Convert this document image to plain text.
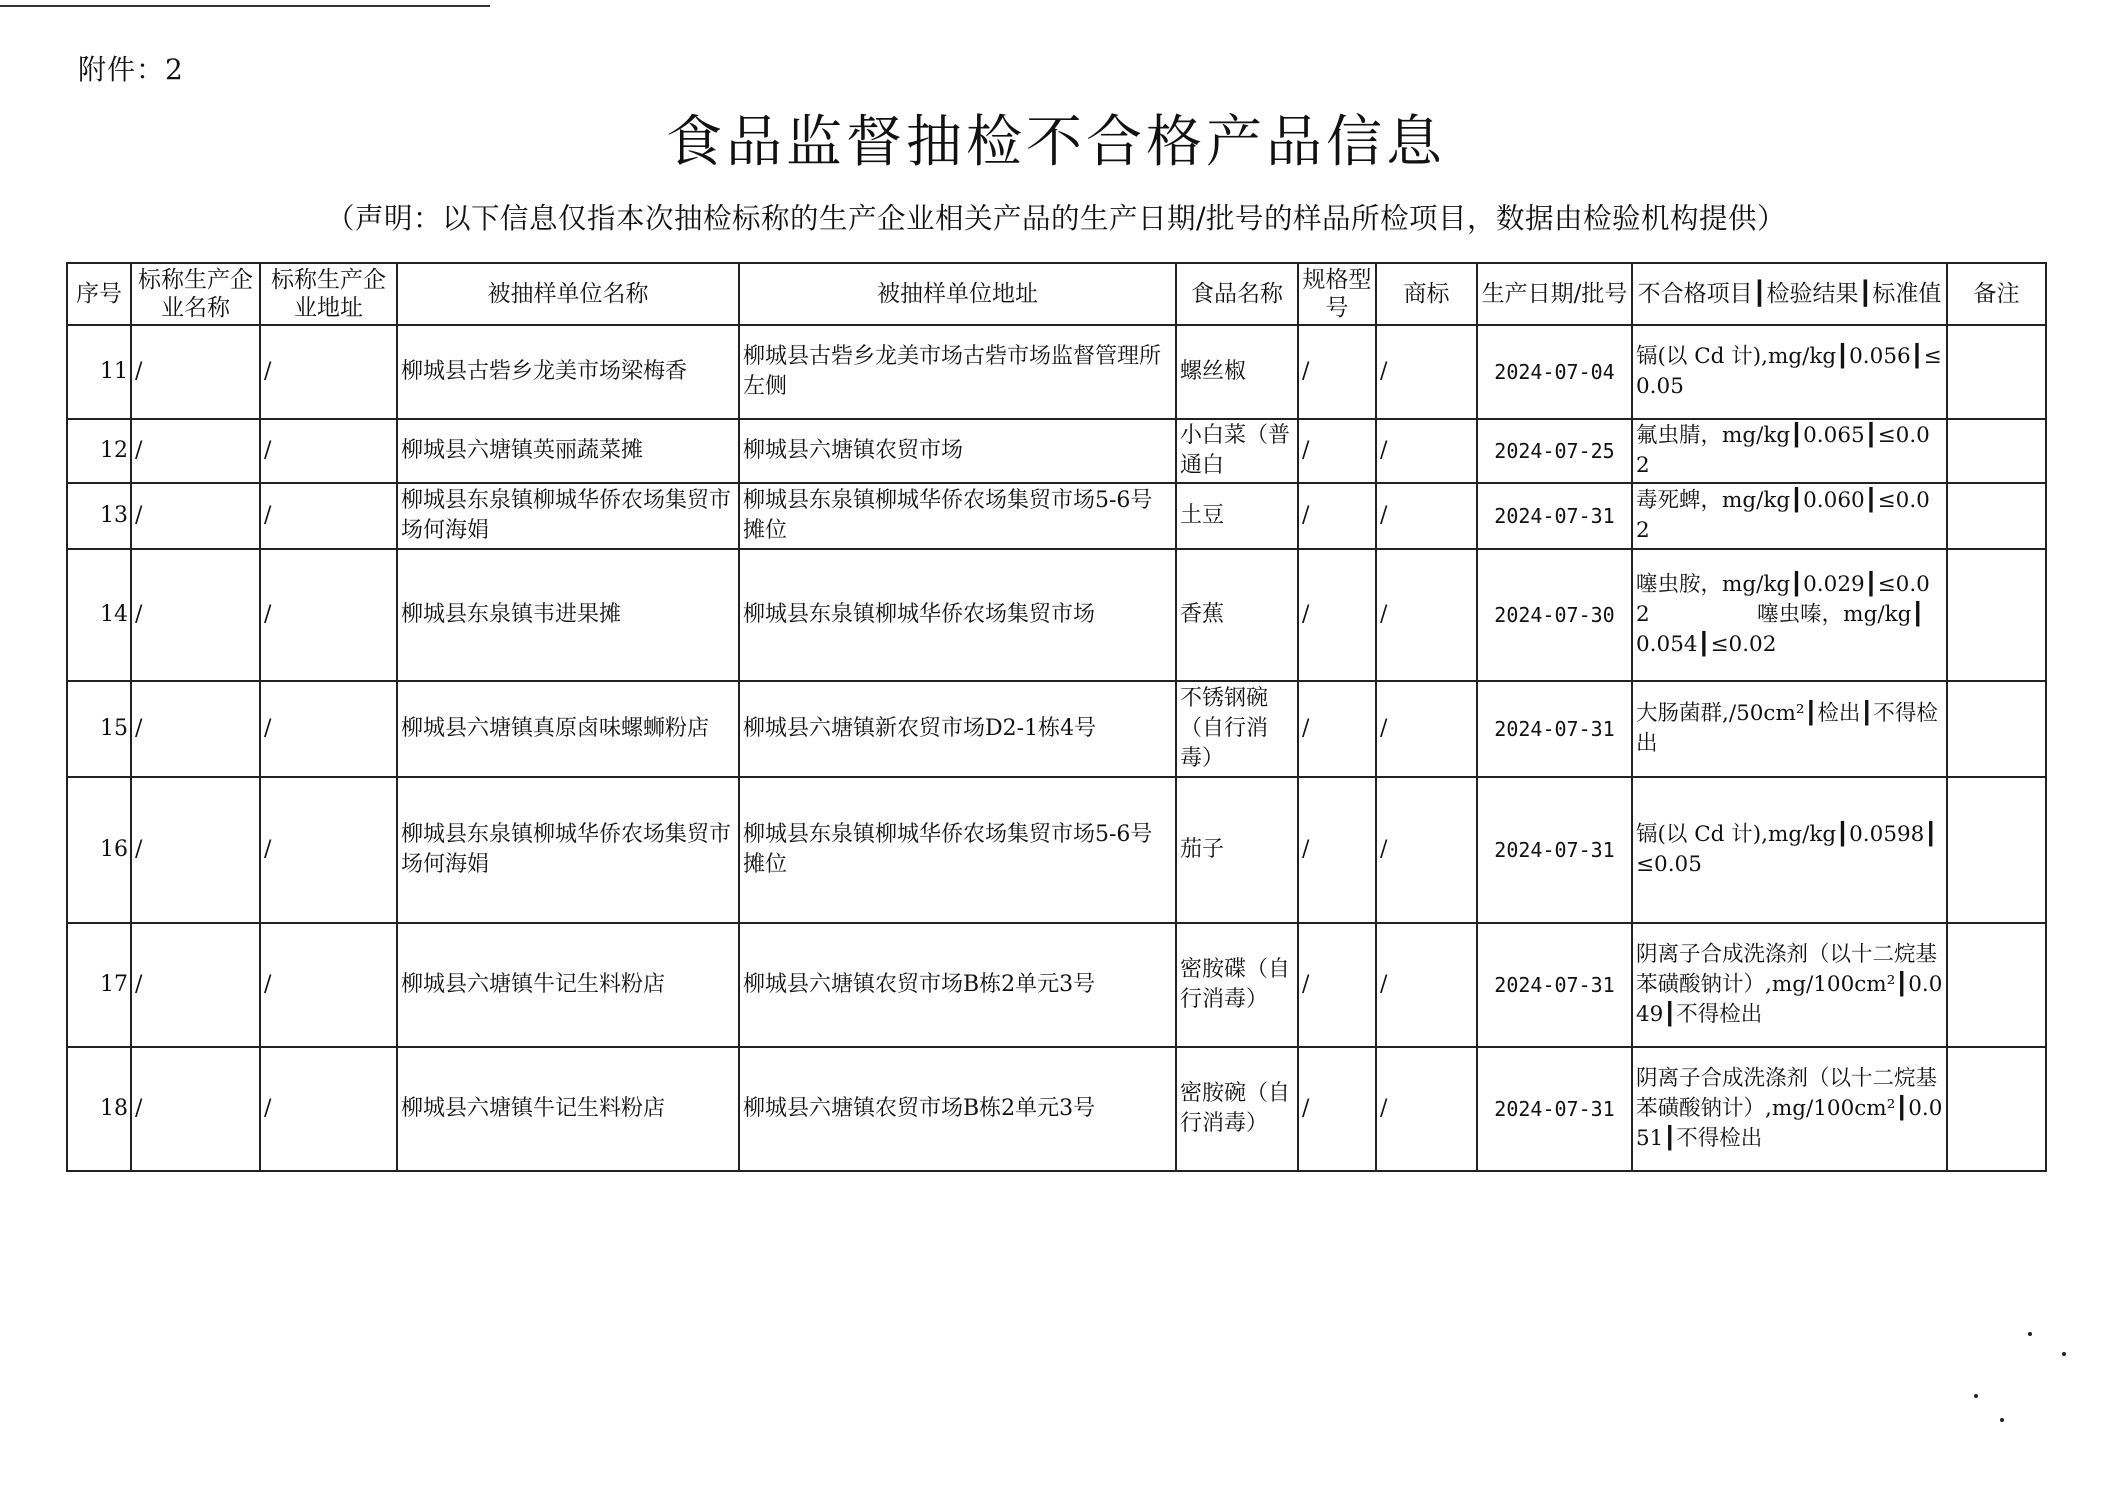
附件：2
食品监督抽检不合格产品信息
（声明：以下信息仅指本次抽检标称的生产企业相关产品的生产日期/批号的样品所检项目，数据由检验机构提供）
序号	标称生产企业名称	标称生产企业地址	被抽样单位名称	被抽样单位地址	食品名称	规格型号	商标	生产日期/批号	不合格项目┃检验结果┃标准值	备注
11	/	/	柳城县古砦乡龙美市场梁梅香	柳城县古砦乡龙美市场古砦市场监督管理所左侧	螺丝椒	/	/	2024-07-04	镉(以 Cd 计),mg/kg┃0.056┃≤0.05	
12	/	/	柳城县六塘镇英丽蔬菜摊	柳城县六塘镇农贸市场	小白菜（普通白	/	/	2024-07-25	氟虫腈，mg/kg┃0.065┃≤0.02	
13	/	/	柳城县东泉镇柳城华侨农场集贸市场何海娟	柳城县东泉镇柳城华侨农场集贸市场5-6号摊位	土豆	/	/	2024-07-31	毒死蜱，mg/kg┃0.060┃≤0.02	
14	/	/	柳城县东泉镇韦进果摊	柳城县东泉镇柳城华侨农场集贸市场	香蕉	/	/	2024-07-30	噻虫胺，mg/kg┃0.029┃≤0.02　　　　　噻虫嗪，mg/kg┃0.054┃≤0.02	
15	/	/	柳城县六塘镇真原卤味螺蛳粉店	柳城县六塘镇新农贸市场D2-1栋4号	不锈钢碗（自行消毒）	/	/	2024-07-31	大肠菌群,/50cm²┃检出┃不得检出	
16	/	/	柳城县东泉镇柳城华侨农场集贸市场何海娟	柳城县东泉镇柳城华侨农场集贸市场5-6号摊位	茄子	/	/	2024-07-31	镉(以 Cd 计),mg/kg┃0.0598┃≤0.05	
17	/	/	柳城县六塘镇牛记生料粉店	柳城县六塘镇农贸市场B栋2单元3号	密胺碟（自行消毒）	/	/	2024-07-31	阴离子合成洗涤剂（以十二烷基苯磺酸钠计）,mg/100cm²┃0.049┃不得检出	
18	/	/	柳城县六塘镇牛记生料粉店	柳城县六塘镇农贸市场B栋2单元3号	密胺碗（自行消毒）	/	/	2024-07-31	阴离子合成洗涤剂（以十二烷基苯磺酸钠计）,mg/100cm²┃0.051┃不得检出	
